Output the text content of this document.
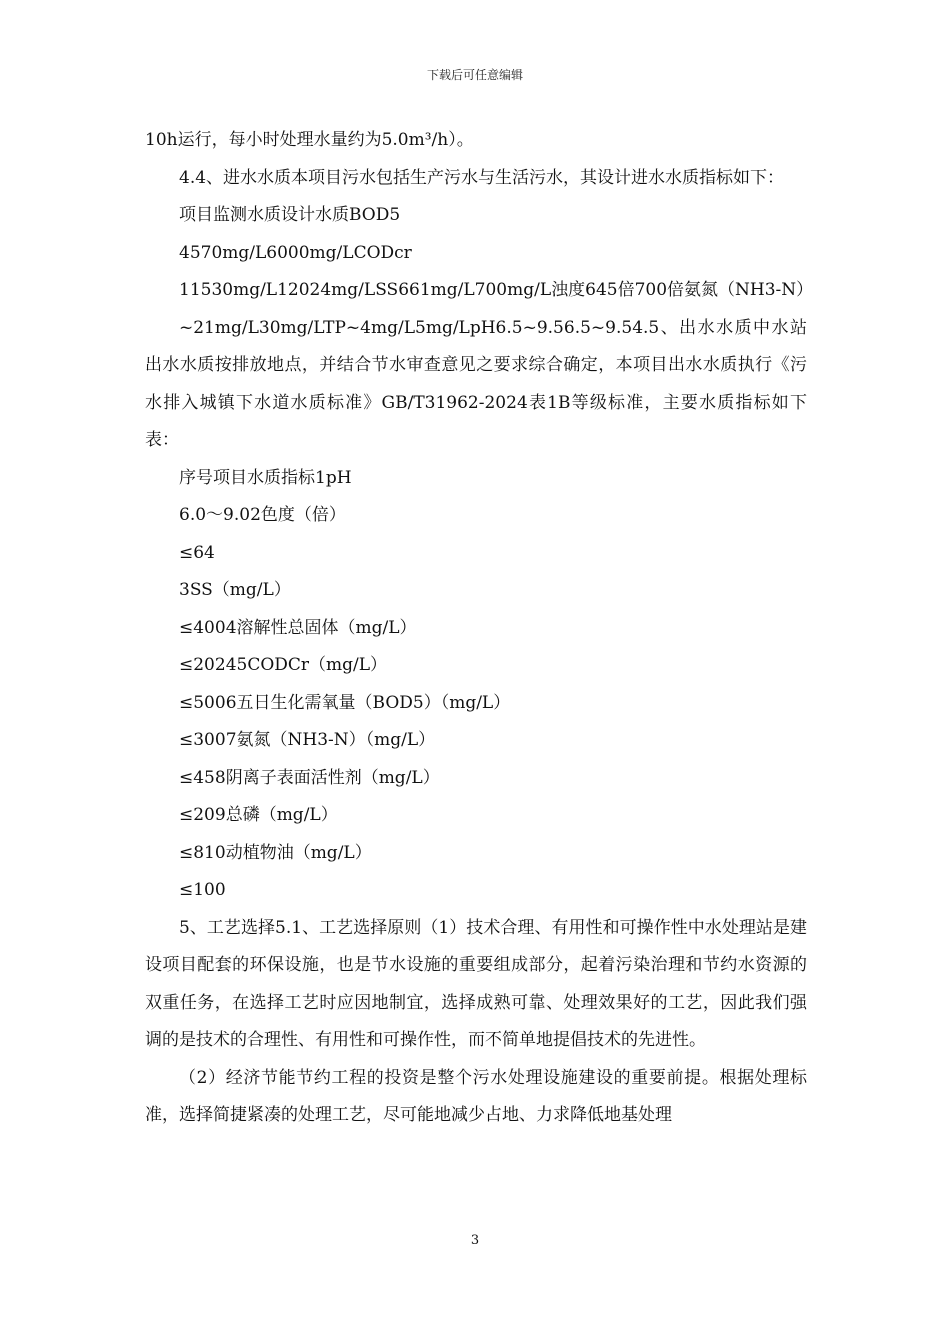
下载后可任意编辑

10h运行，每小时处理水量约为5.0m³/h）。

4.4、进水水质本项目污水包括生产污水与生活污水，其设计进水水质指标如下：

项目监测水质设计水质BOD5

4570mg/L6000mg/LCODcr

11530mg/L12024mg/LSS661mg/L700mg/L浊度645倍700倍氨氮（NH3-N）

~21mg/L30mg/LTP~4mg/L5mg/LpH6.5~9.56.5~9.54.5、出水水质中水站出水水质按排放地点，并结合节水审查意见之要求综合确定，本项目出水水质执行《污水排入城镇下水道水质标准》GB/T31962-2024表1B等级标准，主要水质指标如下表：

序号项目水质指标1pH

6.0～9.02色度（倍）

≤64

3SS（mg/L）

≤4004溶解性总固体（mg/L）

≤20245CODCr（mg/L）

≤5006五日生化需氧量（BOD5）（mg/L）

≤3007氨氮（NH3-N）（mg/L）

≤458阴离子表面活性剂（mg/L）

≤209总磷（mg/L）

≤810动植物油（mg/L）

≤100

5、工艺选择5.1、工艺选择原则（1）技术合理、有用性和可操作性中水处理站是建设项目配套的环保设施，也是节水设施的重要组成部分，起着污染治理和节约水资源的双重任务，在选择工艺时应因地制宜，选择成熟可靠、处理效果好的工艺，因此我们强调的是技术的合理性、有用性和可操作性，而不简单地提倡技术的先进性。

（2）经济节能节约工程的投资是整个污水处理设施建设的重要前提。根据处理标准，选择简捷紧凑的处理工艺，尽可能地减少占地、力求降低地基处理

3
